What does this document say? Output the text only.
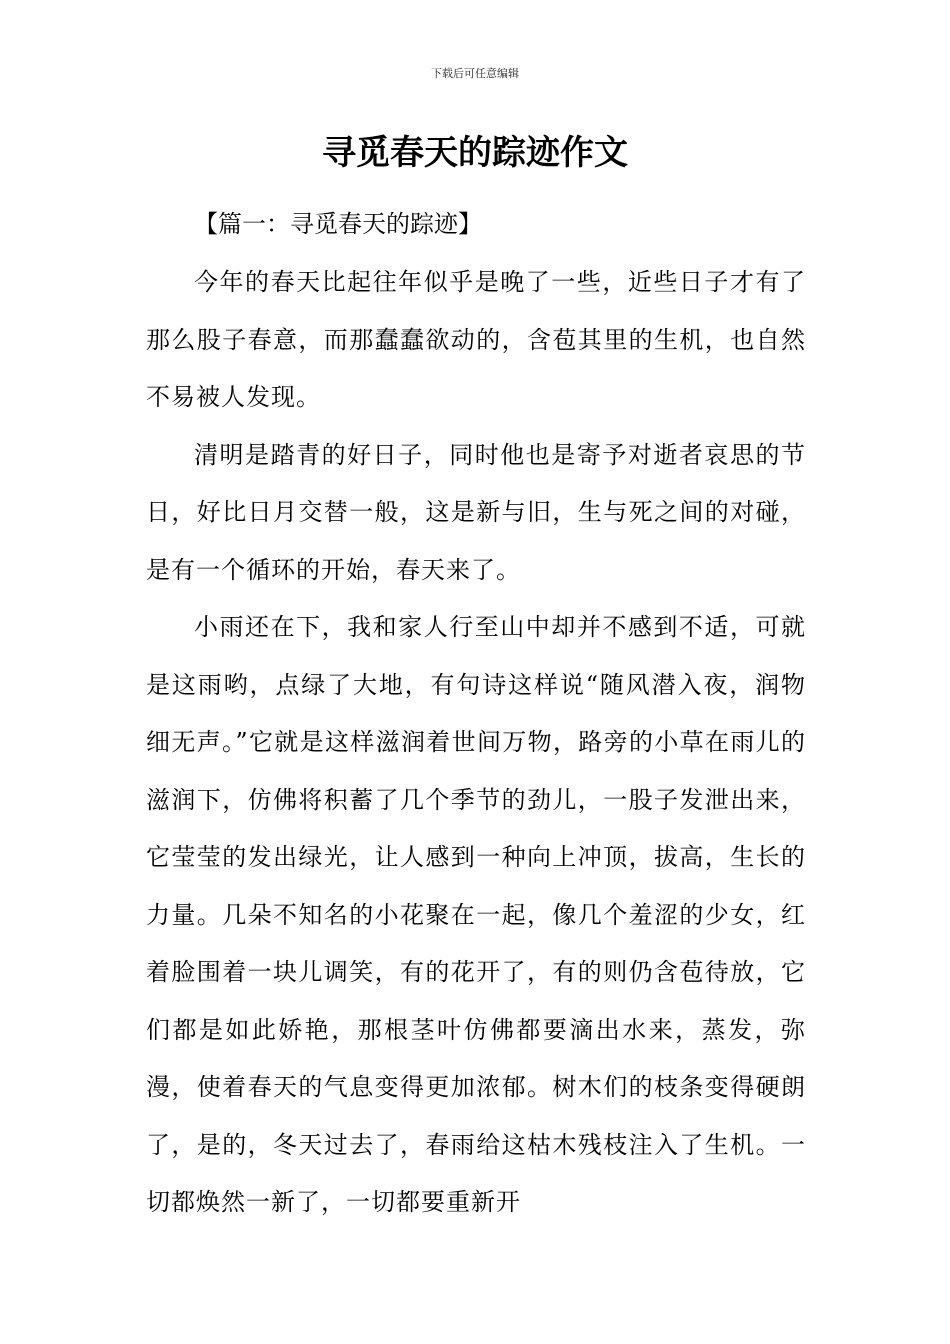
下载后可任意编辑
寻觅春天的踪迹作文

【篇一：寻觅春天的踪迹】

今年的春天比起往年似乎是晚了一些，近些日子才有了那么股子春意，而那蠢蠢欲动的，含苞其里的生机，也自然不易被人发现。

清明是踏青的好日子，同时他也是寄予对逝者哀思的节日，好比日月交替一般，这是新与旧，生与死之间的对碰，是有一个循环的开始，春天来了。

小雨还在下，我和家人行至山中却并不感到不适，可就是这雨哟，点绿了大地，有句诗这样说“随风潜入夜，润物细无声。”它就是这样滋润着世间万物，路旁的小草在雨儿的滋润下，仿佛将积蓄了几个季节的劲儿，一股子发泄出来，它莹莹的发出绿光，让人感到一种向上冲顶，拔高，生长的力量。几朵不知名的小花聚在一起，像几个羞涩的少女，红着脸围着一块儿调笑，有的花开了，有的则仍含苞待放，它们都是如此娇艳，那根茎叶仿佛都要滴出水来，蒸发，弥漫，使着春天的气息变得更加浓郁。树木们的枝条变得硬朗了，是的，冬天过去了，春雨给这枯木残枝注入了生机。一切都焕然一新了，一切都要重新开
